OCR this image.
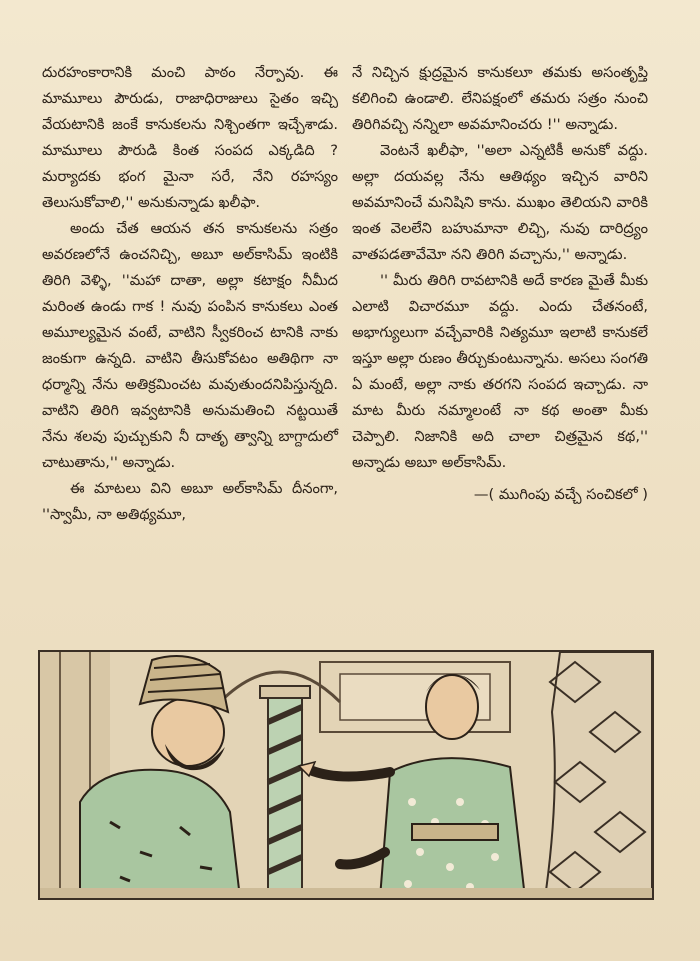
దురహంకారానికి మంచి పాఠం నేర్పావు. ఈ మామూలు పౌరుడు, రాజాధిరాజులు సైతం ఇచ్చి వేయటానికి జంకే కానుకలను నిశ్చింతగా ఇచ్చేశాడు. మామూలు పౌరుడి కింత సంపద ఎక్కడిది ? మర్యాదకు భంగ మైనా సరే, నేని రహస్యం తెలుసుకోవాలి,'' అనుకున్నాడు ఖలీఫా.

అందు చేత ఆయన తన కానుకలను సత్రం అవరణలోనే ఉంచనిచ్చి, అబూ అల్‌కాసిమ్ ఇంటికి తిరిగి వెళ్ళి, ''మహా దాతా, అల్లా కటాక్షం నీమీద మరింత ఉండు గాక ! నువు పంపిన కానుకలు ఎంత అమూల్యమైన వంటే, వాటిని స్వీకరించ టానికి నాకు జంకుగా ఉన్నది. వాటిని తీసుకోవటం అతిథిగా నా ధర్మాన్ని నేను అతిక్రమించట మవుతుందనిపిస్తున్నది. వాటిని తిరిగి ఇవ్వటానికి అనుమతించి నట్టయితే నేను శలవు పుచ్చుకుని నీ దాతృ త్వాన్ని బాగ్దాదులో చాటుతాను,'' అన్నాడు.

ఈ మాటలు విని అబూ అల్‌కాసిమ్ దీనంగా, ''స్వామీ, నా అతిథ్యమూ,

నే నిచ్చిన క్షుద్రమైన కానుకలూ తమకు అసంతృప్తి కలిగించి ఉండాలి. లేనిపక్షంలో తమరు సత్రం నుంచి తిరిగివచ్చి నన్నిలా అవమానించరు !'' అన్నాడు.

వెంటనే ఖలీఫా, ''అలా ఎన్నటికీ అనుకో వద్దు. అల్లా దయవల్ల నేను ఆతిథ్యం ఇచ్చిన వారిని అవమానించే మనిషిని కాను. ముఖం తెలియని వారికి ఇంత వెలలేని బహుమానా లిచ్చి, నువు దారిద్ర్యం వాతపడతావేమో నని తిరిగి వచ్చాను,'' అన్నాడు.

'' మీరు తిరిగి రావటానికి అదే కారణ మైతే మీకు ఎలాటి విచారమూ వద్దు. ఎందు చేతనంటే, అభాగ్యులుగా వచ్చేవారికి నిత్యమూ ఇలాటి కానుకలే ఇస్తూ అల్లా రుణం తీర్చుకుంటున్నాను. అసలు సంగతి ఏ మంటే, అల్లా నాకు తరగని సంపద ఇచ్చాడు. నా మాట మీరు నమ్మాలంటే నా కథ అంతా మీకు చెప్పాలి. నిజానికి అది చాలా చిత్రమైన కథ,'' అన్నాడు అబూ అల్‌కాసిమ్.

—( ముగింపు వచ్చే సంచికలో )
